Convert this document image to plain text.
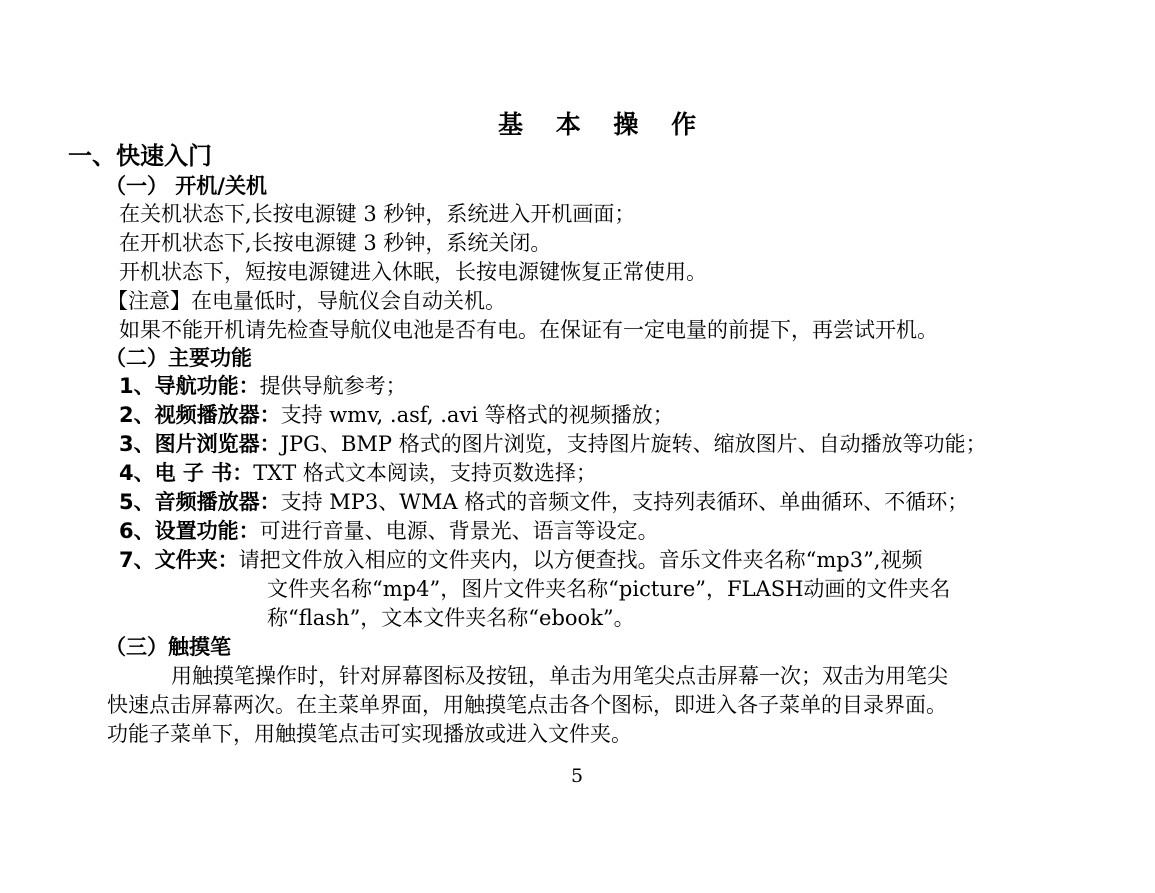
基 本 操 作
一、快速入门
（一） 开机/关机
在关机状态下,长按电源键 3 秒钟，系统进入开机画面；
在开机状态下,长按电源键 3 秒钟，系统关闭。
开机状态下，短按电源键进入休眠，长按电源键恢复正常使用。
【注意】在电量低时，导航仪会自动关机。
如果不能开机请先检查导航仪电池是否有电。在保证有一定电量的前提下，再尝试开机。
（二）主要功能
1、导航功能：提供导航参考；
2、视频播放器：支持 wmv, .asf, .avi 等格式的视频播放；
3、图片浏览器：JPG、BMP 格式的图片浏览，支持图片旋转、缩放图片、自动播放等功能；
4、电 子 书：TXT 格式文本阅读，支持页数选择；
5、音频播放器：支持 MP3、WMA 格式的音频文件，支持列表循环、单曲循环、不循环；
6、设置功能：可进行音量、电源、背景光、语言等设定。
7、文件夹：请把文件放入相应的文件夹内，以方便查找。音乐文件夹名称“mp3”,视频
文件夹名称“mp4”，图片文件夹名称“picture”，FLASH动画的文件夹名
称“flash”，文本文件夹名称“ebook”。
（三）触摸笔
用触摸笔操作时，针对屏幕图标及按钮，单击为用笔尖点击屏幕一次；双击为用笔尖
快速点击屏幕两次。在主菜单界面，用触摸笔点击各个图标，即进入各子菜单的目录界面。
功能子菜单下，用触摸笔点击可实现播放或进入文件夹。
5
